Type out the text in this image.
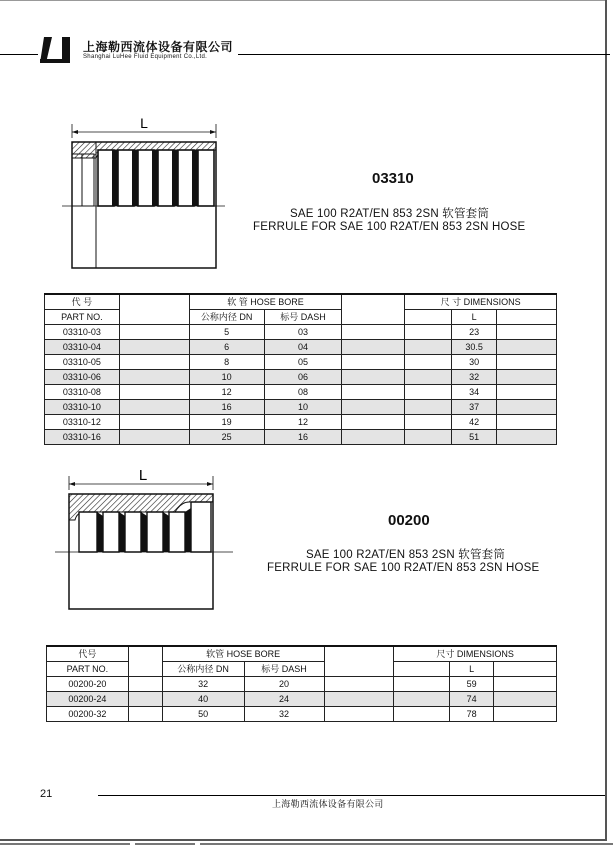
上海勒西流体设备有限公司
Shanghai LuHee Fluid Equipment Co.,Ltd.
L
03310
SAE 100 R2AT/EN 853 2SN 软管套筒
FERRULE FOR SAE 100 R2AT/EN 853 2SN HOSE
代 号		软 管 HOSE BORE			尺 寸 DIMENSIONS		
PART NO.		公称内径 DN	标号 DASH			L	
03310-03		5	03			23	
03310-04		6	04			30.5	
03310-05		8	05			30	
03310-06		10	06			32	
03310-08		12	08			34	
03310-10		16	10			37	
03310-12		19	12			42	
03310-16		25	16			51	
L
00200
SAE 100 R2AT/EN 853 2SN 软管套筒
FERRULE FOR SAE 100 R2AT/EN 853 2SN HOSE
代号		软管 HOSE BORE			尺寸 DIMENSIONS		
PART NO.		公称内径 DN	标号 DASH			L	
00200-20		32	20			59	
00200-24		40	24			74	
00200-32		50	32			78	
21
上海勒西流体设备有限公司
